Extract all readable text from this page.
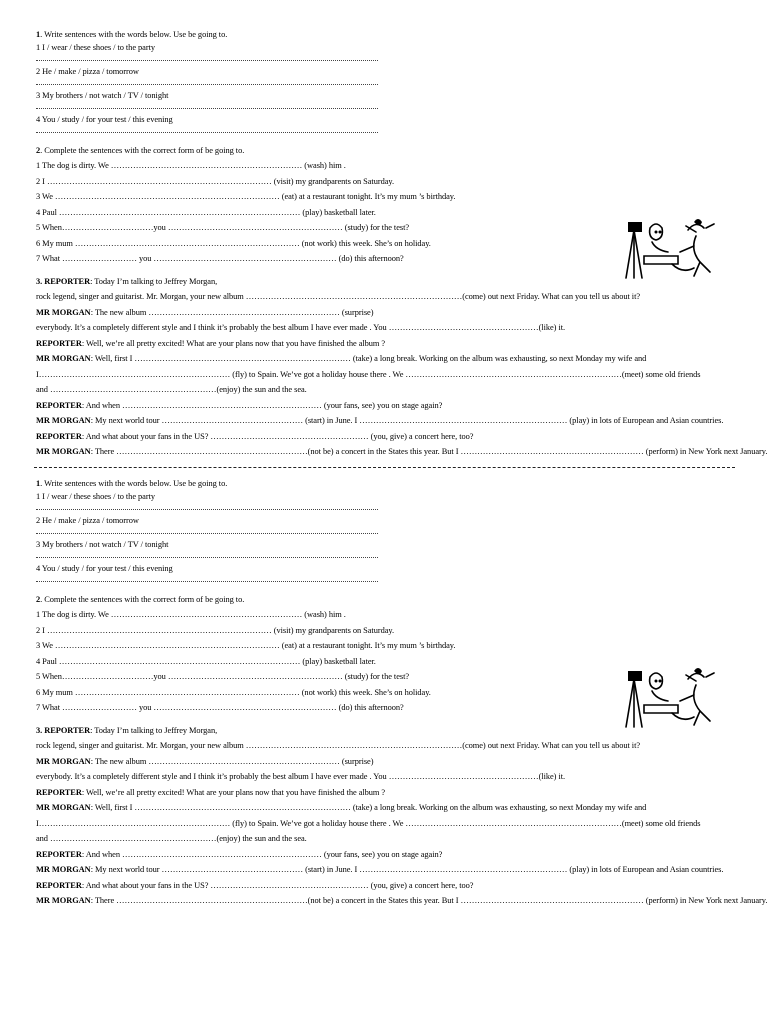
1. Write sentences with the words below. Use be going to.
1 I / wear / these shoes / to the party
2 He / make / pizza / tomorrow
3 My brothers / not watch / TV / tonight
4 You / study / for your test / this evening
2. Complete the sentences with the correct form of be going to.
1 The dog is dirty. We …………………………………………………………… (wash) him .
2 I ……………………………………………………………………… (visit) my grandparents on Saturday.
3 We ……………………………………………………………………… (eat) at a restaurant tonight. It’s my mum ’s birthday.
4 Paul …………………………………………………………………………… (play) basketball later.
5 When……………………………you ……………………………………………………… (study) for the test?
6 My mum ……………………………………………………………………… (not work) this week. She’s on holiday.
7 What ……………………… you ………………………………………………………… (do) this afternoon?
3. REPORTER: Today I’m talking to Jeffrey Morgan,
rock legend, singer and guitarist. Mr. Morgan, your new album ……………………………………………………………………(come) out next Friday. What can you tell us about it?
MR MORGAN: The new album …………………………………………………………… (surprise)
everybody. It’s a completely different style and I think it’s probably the best album I have ever made . You ………………………………………………(like) it.
REPORTER: Well, we’re all pretty excited! What are your plans now that you have finished the album ?
MR MORGAN: Well, first I …………………………………………………………………… (take) a long break. Working on the album was exhausting, so next Monday my wife and
I…………………………………………………………… (fly) to Spain. We’ve got a holiday house there . We ……………………………………………………………………(meet) some old friends
and ……………………………………………………(enjoy) the sun and the sea.
REPORTER: And when ……………………………………………………………… (your fans, see) you on stage again?
MR MORGAN: My next world tour …………………………………………… (start) in June. I ………………………………………………………………… (play) in lots of European and Asian countries.
REPORTER: And what about your fans in the US? ………………………………………………… (you, give) a concert here, too?
MR MORGAN: There ……………………………………………………………(not be) a concert in the States this year. But I ………………………………………………………… (perform) in New York next January.
1. Write sentences with the words below. Use be going to.
1 I / wear / these shoes / to the party
2 He / make / pizza / tomorrow
3 My brothers / not watch / TV / tonight
4 You / study / for your test / this evening
2. Complete the sentences with the correct form of be going to.
1 The dog is dirty. We …………………………………………………………… (wash) him .
2 I ……………………………………………………………………… (visit) my grandparents on Saturday.
3 We ……………………………………………………………………… (eat) at a restaurant tonight. It’s my mum ’s birthday.
4 Paul …………………………………………………………………………… (play) basketball later.
5 When……………………………you ……………………………………………………… (study) for the test?
6 My mum ……………………………………………………………………… (not work) this week. She’s on holiday.
7 What ……………………… you ………………………………………………………… (do) this afternoon?
3. REPORTER: Today I’m talking to Jeffrey Morgan,
rock legend, singer and guitarist. Mr. Morgan, your new album ……………………………………………………………………(come) out next Friday. What can you tell us about it?
MR MORGAN: The new album …………………………………………………………… (surprise)
everybody. It’s a completely different style and I think it’s probably the best album I have ever made . You ………………………………………………(like) it.
REPORTER: Well, we’re all pretty excited! What are your plans now that you have finished the album ?
MR MORGAN: Well, first I …………………………………………………………………… (take) a long break. Working on the album was exhausting, so next Monday my wife and
I…………………………………………………………… (fly) to Spain. We’ve got a holiday house there . We ……………………………………………………………………(meet) some old friends
and ……………………………………………………(enjoy) the sun and the sea.
REPORTER: And when ……………………………………………………………… (your fans, see) you on stage again?
MR MORGAN: My next world tour …………………………………………… (start) in June. I ………………………………………………………………… (play) in lots of European and Asian countries.
REPORTER: And what about your fans in the US? ………………………………………………… (you, give) a concert here, too?
MR MORGAN: There ……………………………………………………………(not be) a concert in the States this year. But I ………………………………………………………… (perform) in New York next January.
